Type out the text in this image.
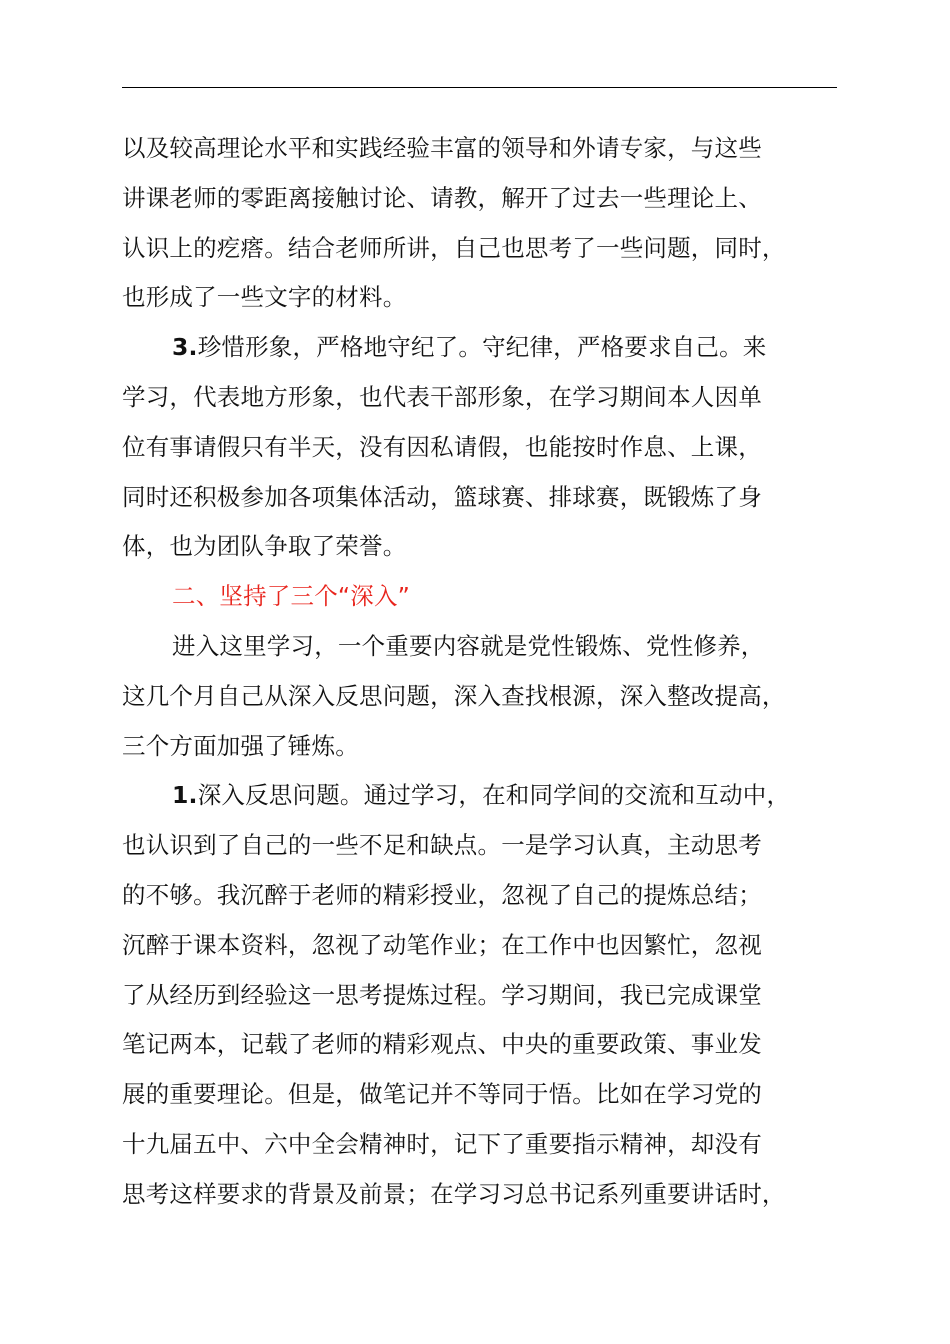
以及较高理论水平和实践经验丰富的领导和外请专家，与这些
讲课老师的零距离接触讨论、请教，解开了过去一些理论上、
认识上的疙瘩。结合老师所讲，自己也思考了一些问题，同时，
也形成了一些文字的材料。
3.珍惜形象，严格地守纪了。守纪律，严格要求自己。来
学习，代表地方形象，也代表干部形象，在学习期间本人因单
位有事请假只有半天，没有因私请假，也能按时作息、上课，
同时还积极参加各项集体活动，篮球赛、排球赛，既锻炼了身
体，也为团队争取了荣誉。
二、坚持了三个“深入”
进入这里学习，一个重要内容就是党性锻炼、党性修养，
这几个月自己从深入反思问题，深入查找根源，深入整改提高，
三个方面加强了锤炼。
1.深入反思问题。通过学习，在和同学间的交流和互动中，
也认识到了自己的一些不足和缺点。一是学习认真，主动思考
的不够。我沉醉于老师的精彩授业，忽视了自己的提炼总结；
沉醉于课本资料，忽视了动笔作业；在工作中也因繁忙，忽视
了从经历到经验这一思考提炼过程。学习期间，我已完成课堂
笔记两本，记载了老师的精彩观点、中央的重要政策、事业发
展的重要理论。但是，做笔记并不等同于悟。比如在学习党的
十九届五中、六中全会精神时，记下了重要指示精神，却没有
思考这样要求的背景及前景；在学习习总书记系列重要讲话时，
